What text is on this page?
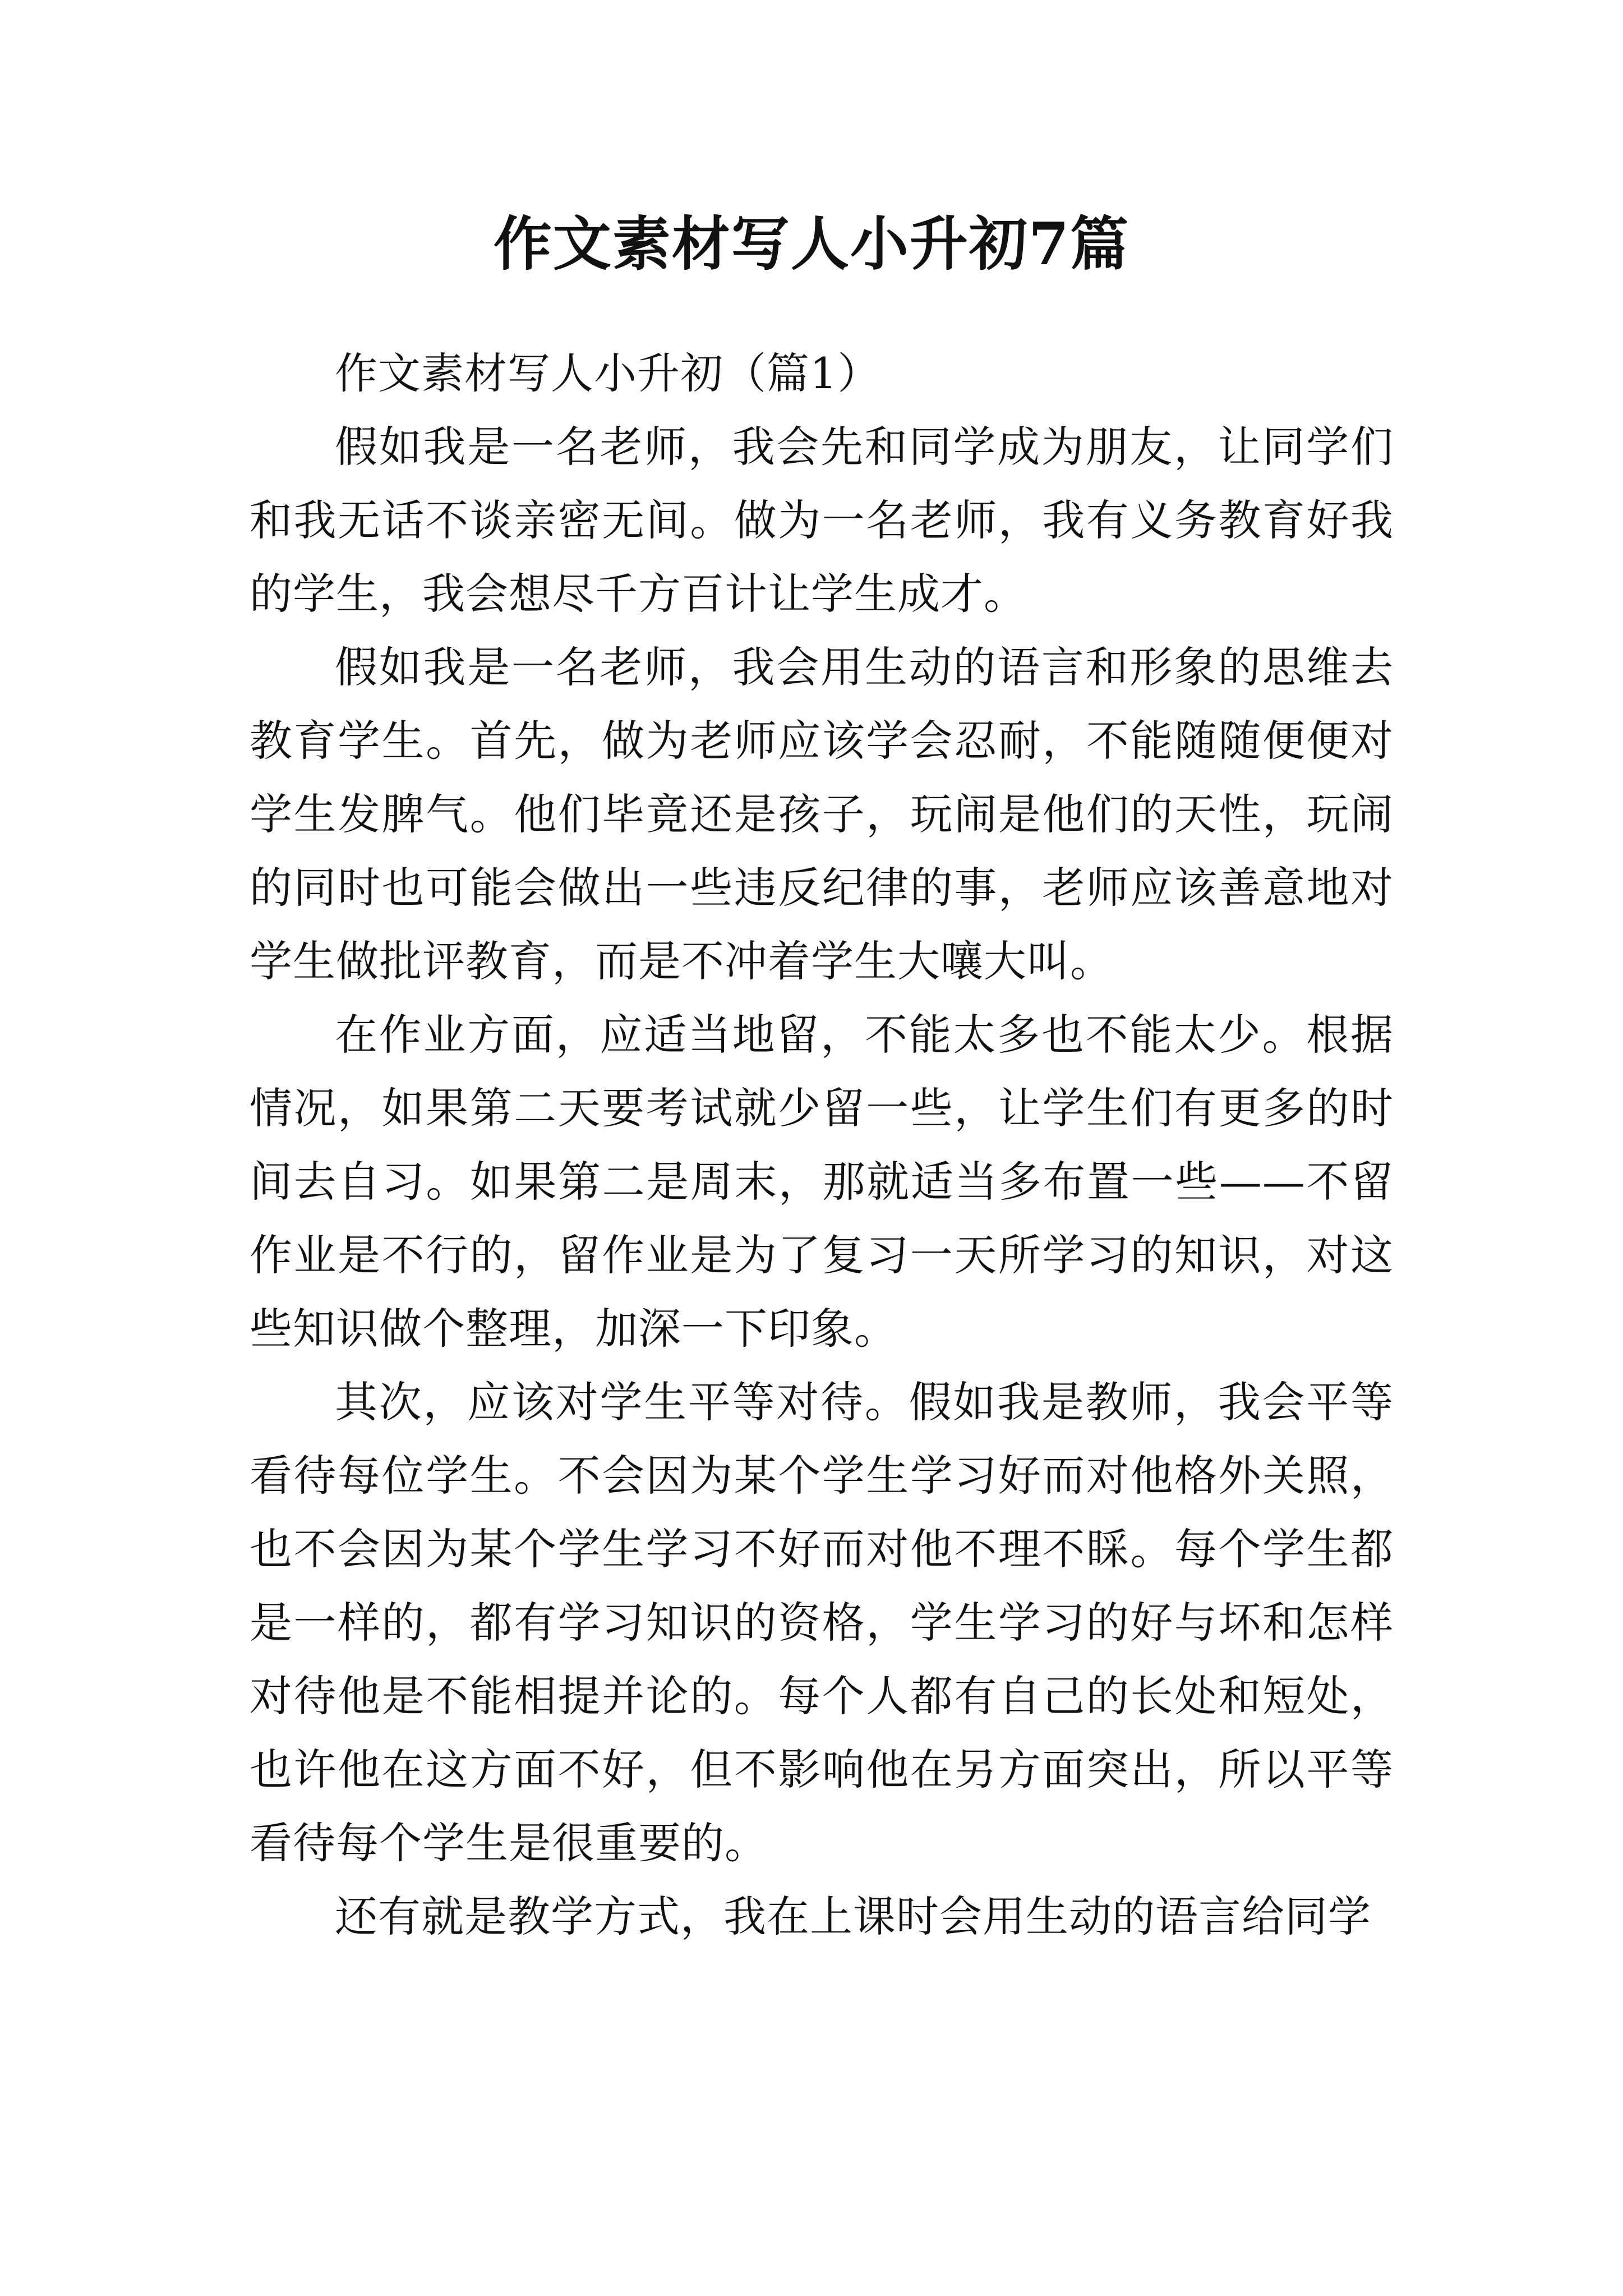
作文素材写人小升初7篇
作文素材写人小升初（篇1）

假如我是一名老师，我会先和同学成为朋友，让同学们和我无话不谈亲密无间。做为一名老师，我有义务教育好我的学生，我会想尽千方百计让学生成才。

假如我是一名老师，我会用生动的语言和形象的思维去教育学生。首先，做为老师应该学会忍耐，不能随随便便对学生发脾气。他们毕竟还是孩子，玩闹是他们的天性，玩闹的同时也可能会做出一些违反纪律的事，老师应该善意地对学生做批评教育，而是不冲着学生大嚷大叫。

在作业方面，应适当地留，不能太多也不能太少。根据情况，如果第二天要考试就少留一些，让学生们有更多的时间去自习。如果第二是周末，那就适当多布置一些——不留作业是不行的，留作业是为了复习一天所学习的知识，对这些知识做个整理，加深一下印象。

其次，应该对学生平等对待。假如我是教师，我会平等看待每位学生。不会因为某个学生学习好而对他格外关照，也不会因为某个学生学习不好而对他不理不睬。每个学生都是一样的，都有学习知识的资格，学生学习的好与坏和怎样对待他是不能相提并论的。每个人都有自己的长处和短处，也许他在这方面不好，但不影响他在另方面突出，所以平等看待每个学生是很重要的。

还有就是教学方式，我在上课时会用生动的语言给同学
